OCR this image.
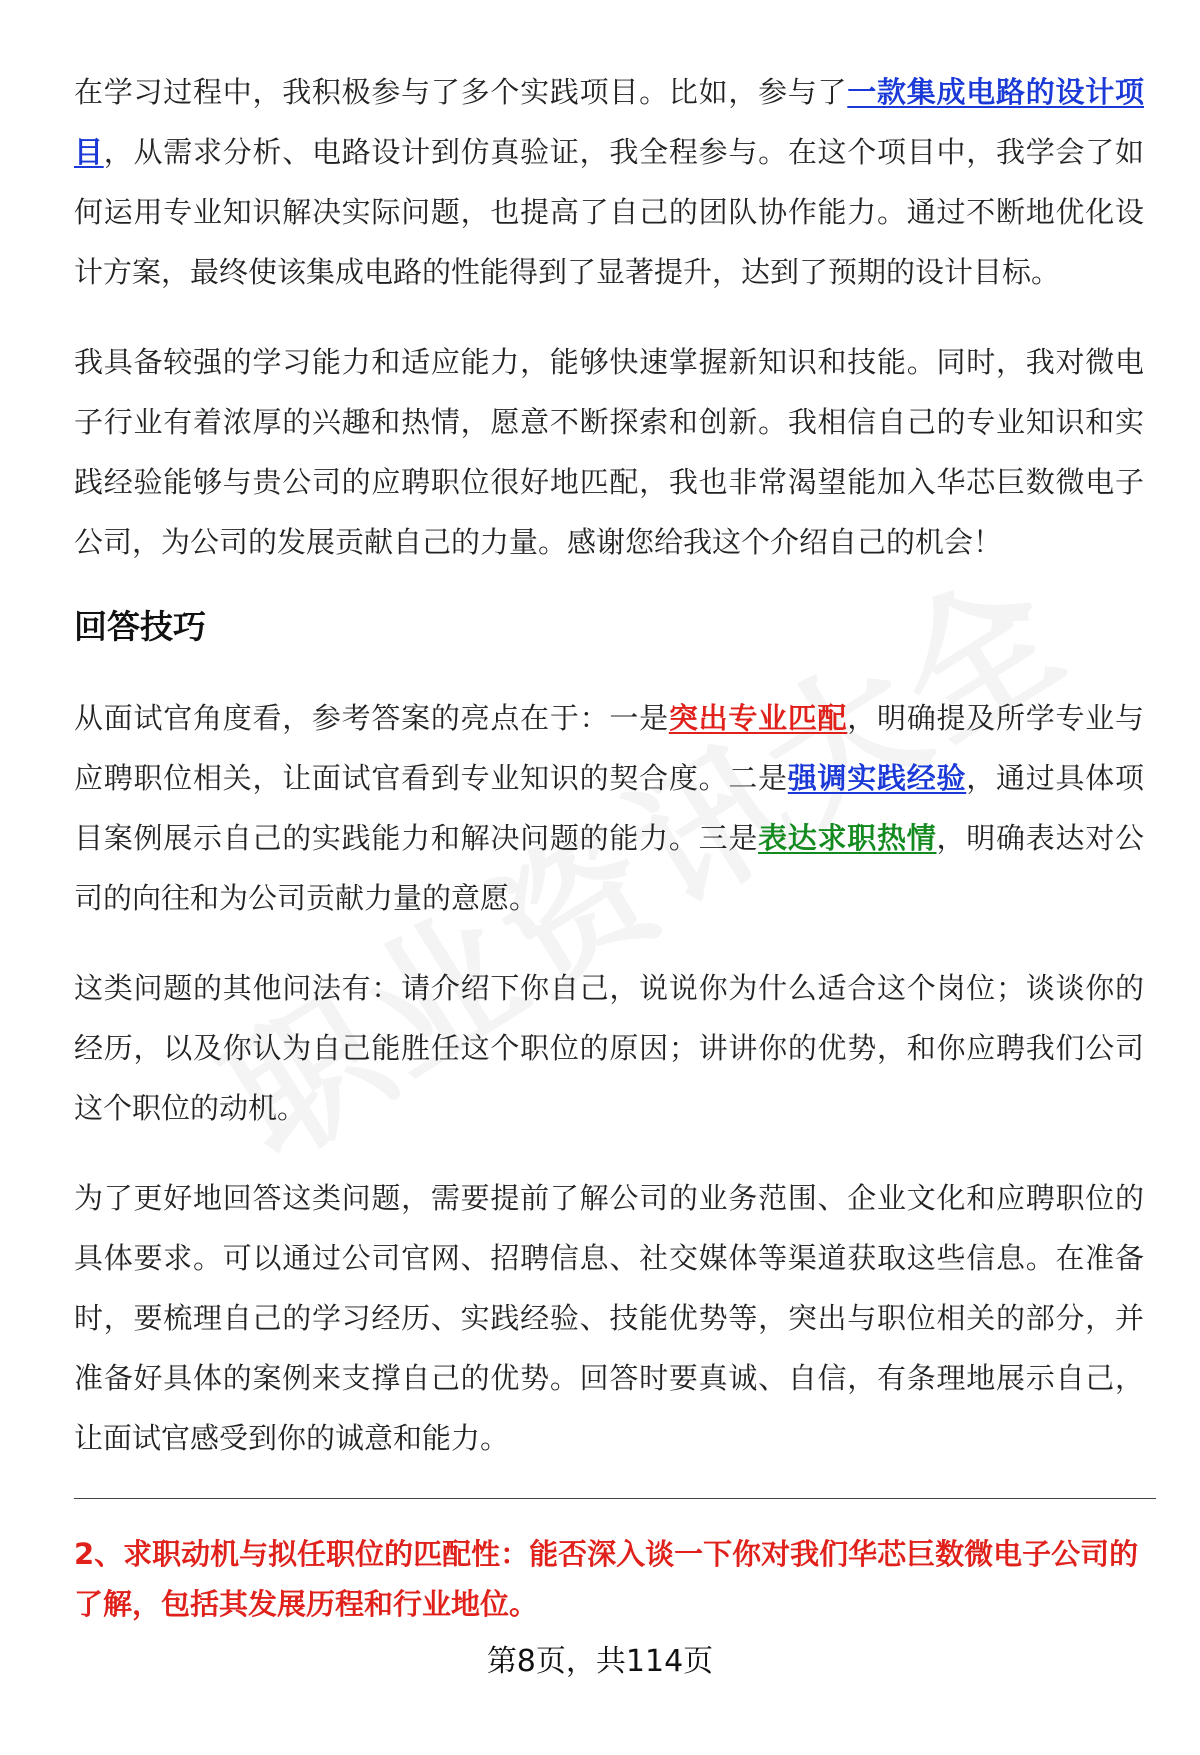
在学习过程中，我积极参与了多个实践项目。比如，参与了一款集成电路的设计项目，从需求分析、电路设计到仿真验证，我全程参与。在这个项目中，我学会了如何运用专业知识解决实际问题，也提高了自己的团队协作能力。通过不断地优化设计方案，最终使该集成电路的性能得到了显著提升，达到了预期的设计目标。

我具备较强的学习能力和适应能力，能够快速掌握新知识和技能。同时，我对微电子行业有着浓厚的兴趣和热情，愿意不断探索和创新。我相信自己的专业知识和实践经验能够与贵公司的应聘职位很好地匹配，我也非常渴望能加入华芯巨数微电子公司，为公司的发展贡献自己的力量。感谢您给我这个介绍自己的机会！

回答技巧

从面试官角度看，参考答案的亮点在于：一是突出专业匹配，明确提及所学专业与应聘职位相关，让面试官看到专业知识的契合度。二是强调实践经验，通过具体项目案例展示自己的实践能力和解决问题的能力。三是表达求职热情，明确表达对公司的向往和为公司贡献力量的意愿。

这类问题的其他问法有：请介绍下你自己，说说你为什么适合这个岗位；谈谈你的经历，以及你认为自己能胜任这个职位的原因；讲讲你的优势，和你应聘我们公司这个职位的动机。

为了更好地回答这类问题，需要提前了解公司的业务范围、企业文化和应聘职位的具体要求。可以通过公司官网、招聘信息、社交媒体等渠道获取这些信息。在准备时，要梳理自己的学习经历、实践经验、技能优势等，突出与职位相关的部分，并准备好具体的案例来支撑自己的优势。回答时要真诚、自信，有条理地展示自己，让面试官感受到你的诚意和能力。

2、求职动机与拟任职位的匹配性：能否深入谈一下你对我们华芯巨数微电子公司的了解，包括其发展历程和行业地位。

第8页，共114页
